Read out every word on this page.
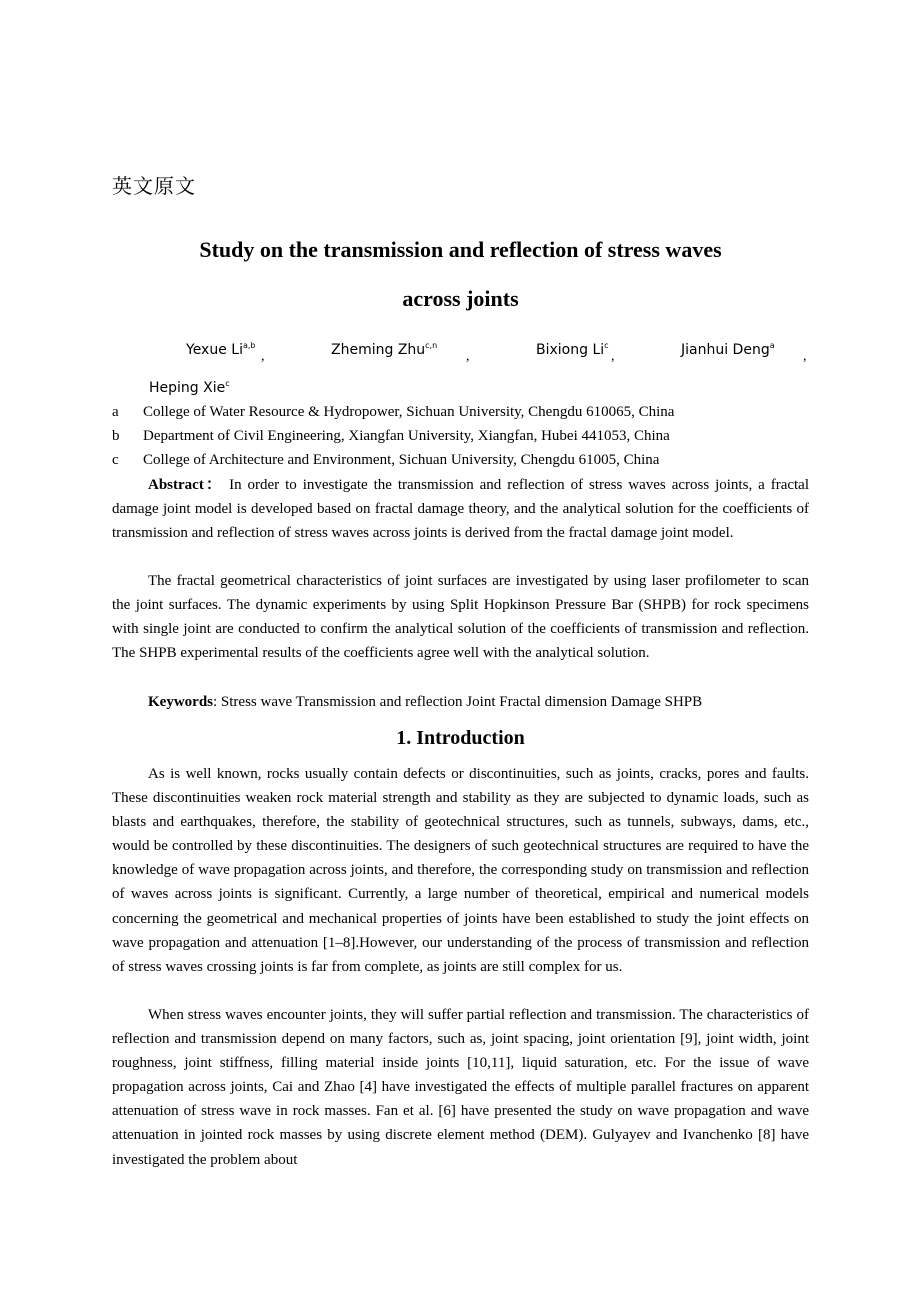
英文原文
Study on the transmission and reflection of stress waves
across joints
Yexue Li$^{a,b}$
,	Zheming Zhu$^{c,n}$
,	Bixiong Li$^c$
,	Jianhui Deng$^a$
,
Heping Xie$^c$
a College of Water Resource & Hydropower, Sichuan University, Chengdu 610065, China
b Department of Civil Engineering, Xiangfan University, Xiangfan, Hubei 441053, China
c College of Architecture and Environment, Sichuan University, Chengdu 61005, China
Abstract： In order to investigate the transmission and reflection of stress waves across joints, a fractal damage joint model is developed based on fractal damage theory, and the analytical solution for the coefficients of transmission and reflection of stress waves across joints is derived from the fractal damage joint model.
The fractal geometrical characteristics of joint surfaces are investigated by using laser profilometer to scan the joint surfaces. The dynamic experiments by using Split Hopkinson Pressure Bar (SHPB) for rock specimens with single joint are conducted to confirm the analytical solution of the coefficients of transmission and reflection. The SHPB experimental results of the coefficients agree well with the analytical solution.
Keywords: Stress wave Transmission and reflection Joint Fractal dimension Damage SHPB
1. Introduction
As is well known, rocks usually contain defects or discontinuities, such as joints, cracks, pores and faults. These discontinuities weaken rock material strength and stability as they are subjected to dynamic loads, such as blasts and earthquakes, therefore, the stability of geotechnical structures, such as tunnels, subways, dams, etc., would be controlled by these discontinuities. The designers of such geotechnical structures are required to have the knowledge of wave propagation across joints, and therefore, the corresponding study on transmission and reflection of waves across joints is significant. Currently, a large number of theoretical, empirical and numerical models concerning the geometrical and mechanical properties of joints have been established to study the joint effects on wave propagation and attenuation [1–8].However, our understanding of the process of transmission and reflection of stress waves crossing joints is far from complete, as joints are still complex for us.
When stress waves encounter joints, they will suffer partial reflection and transmission. The characteristics of reflection and transmission depend on many factors, such as, joint spacing, joint orientation [9], joint width, joint roughness, joint stiffness, filling material inside joints [10,11], liquid saturation, etc. For the issue of wave propagation across joints, Cai and Zhao [4] have investigated the effects of multiple parallel fractures on apparent attenuation of stress wave in rock masses. Fan et al. [6] have presented the study on wave propagation and wave attenuation in jointed rock masses by using discrete element method (DEM). Gulyayev and Ivanchenko [8] have investigated the problem about
